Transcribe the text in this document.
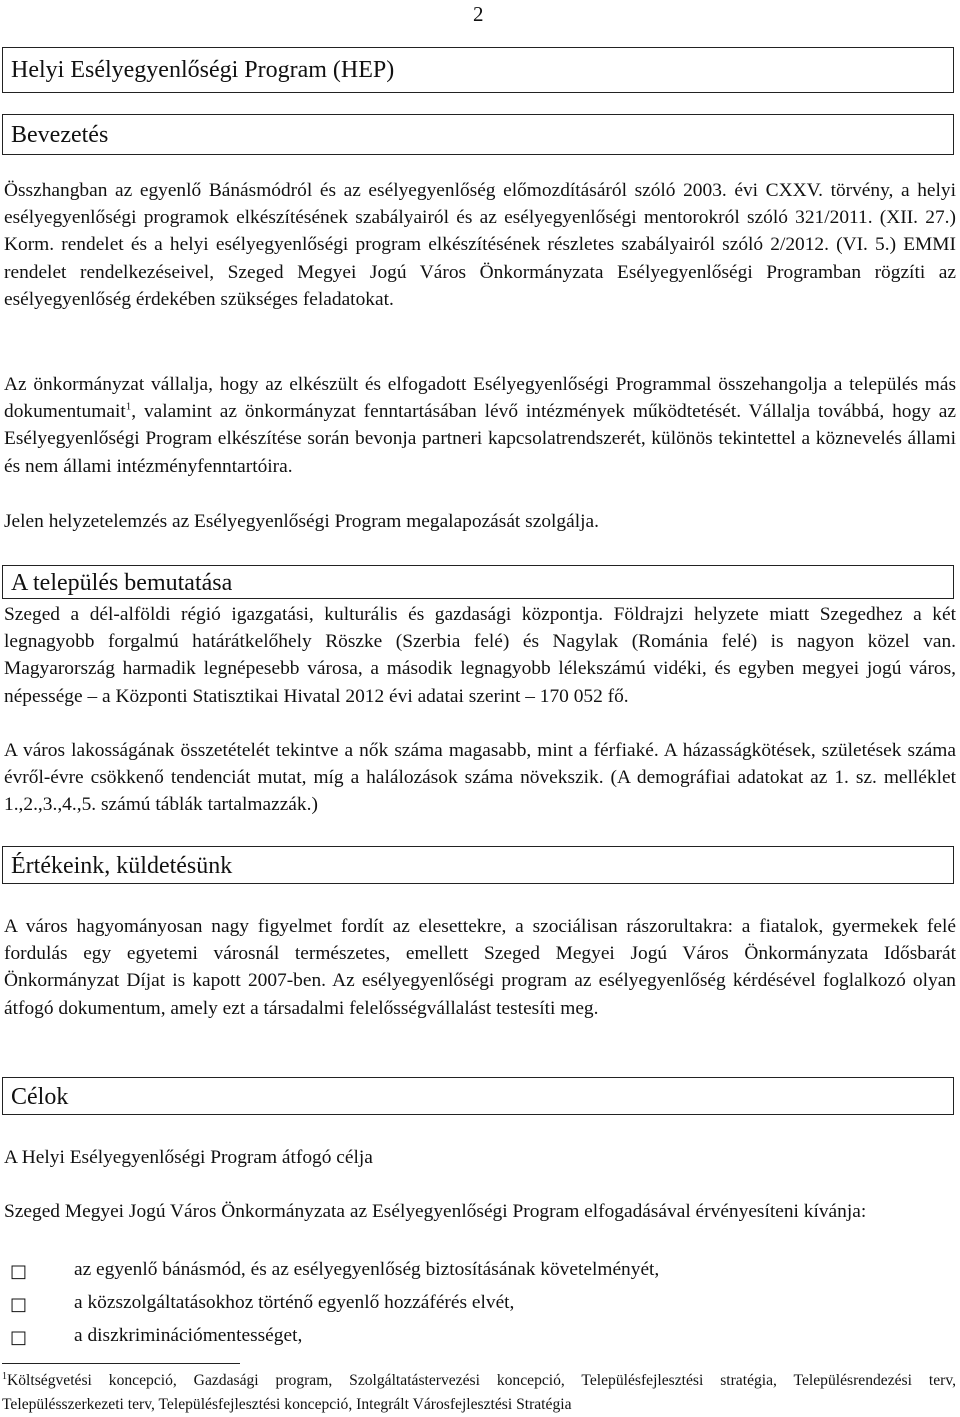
2
Helyi Esélyegyenlőségi Program (HEP)
Bevezetés

Összhangban az egyenlő Bánásmódról és az esélyegyenlőség előmozdításáról szóló 2003. évi CXXV. törvény, a helyi esélyegyenlőségi programok elkészítésének szabályairól és az esélyegyenlőségi mentorokról szóló 321/2011. (XII. 27.) Korm. rendelet és a helyi esélyegyenlőségi program elkészítésének részletes szabályairól szóló 2/2012. (VI. 5.) EMMI rendelet rendelkezéseivel, Szeged Megyei Jogú Város Önkormányzata Esélyegyenlőségi Programban rögzíti az esélyegyenlőség érdekében szükséges feladatokat.

Az önkormányzat vállalja, hogy az elkészült és elfogadott Esélyegyenlőségi Programmal összehangolja a település más dokumentumait$^1$, valamint az önkormányzat fenntartásában lévő intézmények működtetését. Vállalja továbbá, hogy az Esélyegyenlőségi Program elkészítése során bevonja partneri kapcsolatrendszerét, különös tekintettel a köznevelés állami és nem állami intézményfenntartóira.

Jelen helyzetelemzés az Esélyegyenlőségi Program megalapozását szolgálja.

A település bemutatása

Szeged a dél-alföldi régió igazgatási, kulturális és gazdasági központja. Földrajzi helyzete miatt Szegedhez a két legnagyobb forgalmú határátkelőhely Röszke (Szerbia felé) és Nagylak (Románia felé) is nagyon közel van. Magyarország harmadik legnépesebb városa, a második legnagyobb lélekszámú vidéki, és egyben megyei jogú város, népessége – a Központi Statisztikai Hivatal 2012 évi adatai szerint – 170 052 fő.

A város lakosságának összetételét tekintve a nők száma magasabb, mint a férfiaké. A házasságkötések, születések száma évről-évre csökkenő tendenciát mutat, míg a halálozások száma növekszik. (A demográfiai adatokat az 1. sz. melléklet 1.,2.,3.,4.,5. számú táblák tartalmazzák.)

Értékeink, küldetésünk

A város hagyományosan nagy figyelmet fordít az elesettekre, a szociálisan rászorultakra: a fiatalok, gyermekek felé fordulás egy egyetemi városnál természetes, emellett Szeged Megyei Jogú Város Önkormányzata Idősbarát Önkormányzat Díjat is kapott 2007-ben. Az esélyegyenlőségi program az esélyegyenlőség kérdésével foglalkozó olyan átfogó dokumentum, amely ezt a társadalmi felelősségvállalást testesíti meg.

Célok
A Helyi Esélyegyenlőségi Program átfogó célja

Szeged Megyei Jogú Város Önkormányzata az Esélyegyenlőségi Program elfogadásával érvényesíteni kívánja:

□ az egyenlő bánásmód, és az esélyegyenlőség biztosításának követelményét,
□ a közszolgáltatásokhoz történő egyenlő hozzáférés elvét,
□ a diszkriminációmentességet,
$^1$Költségvetési koncepció, Gazdasági program, Szolgáltatástervezési koncepció, Településfejlesztési stratégia, Településrendezési terv, Településszerkezeti terv, Településfejlesztési koncepció, Integrált Városfejlesztési Stratégia
